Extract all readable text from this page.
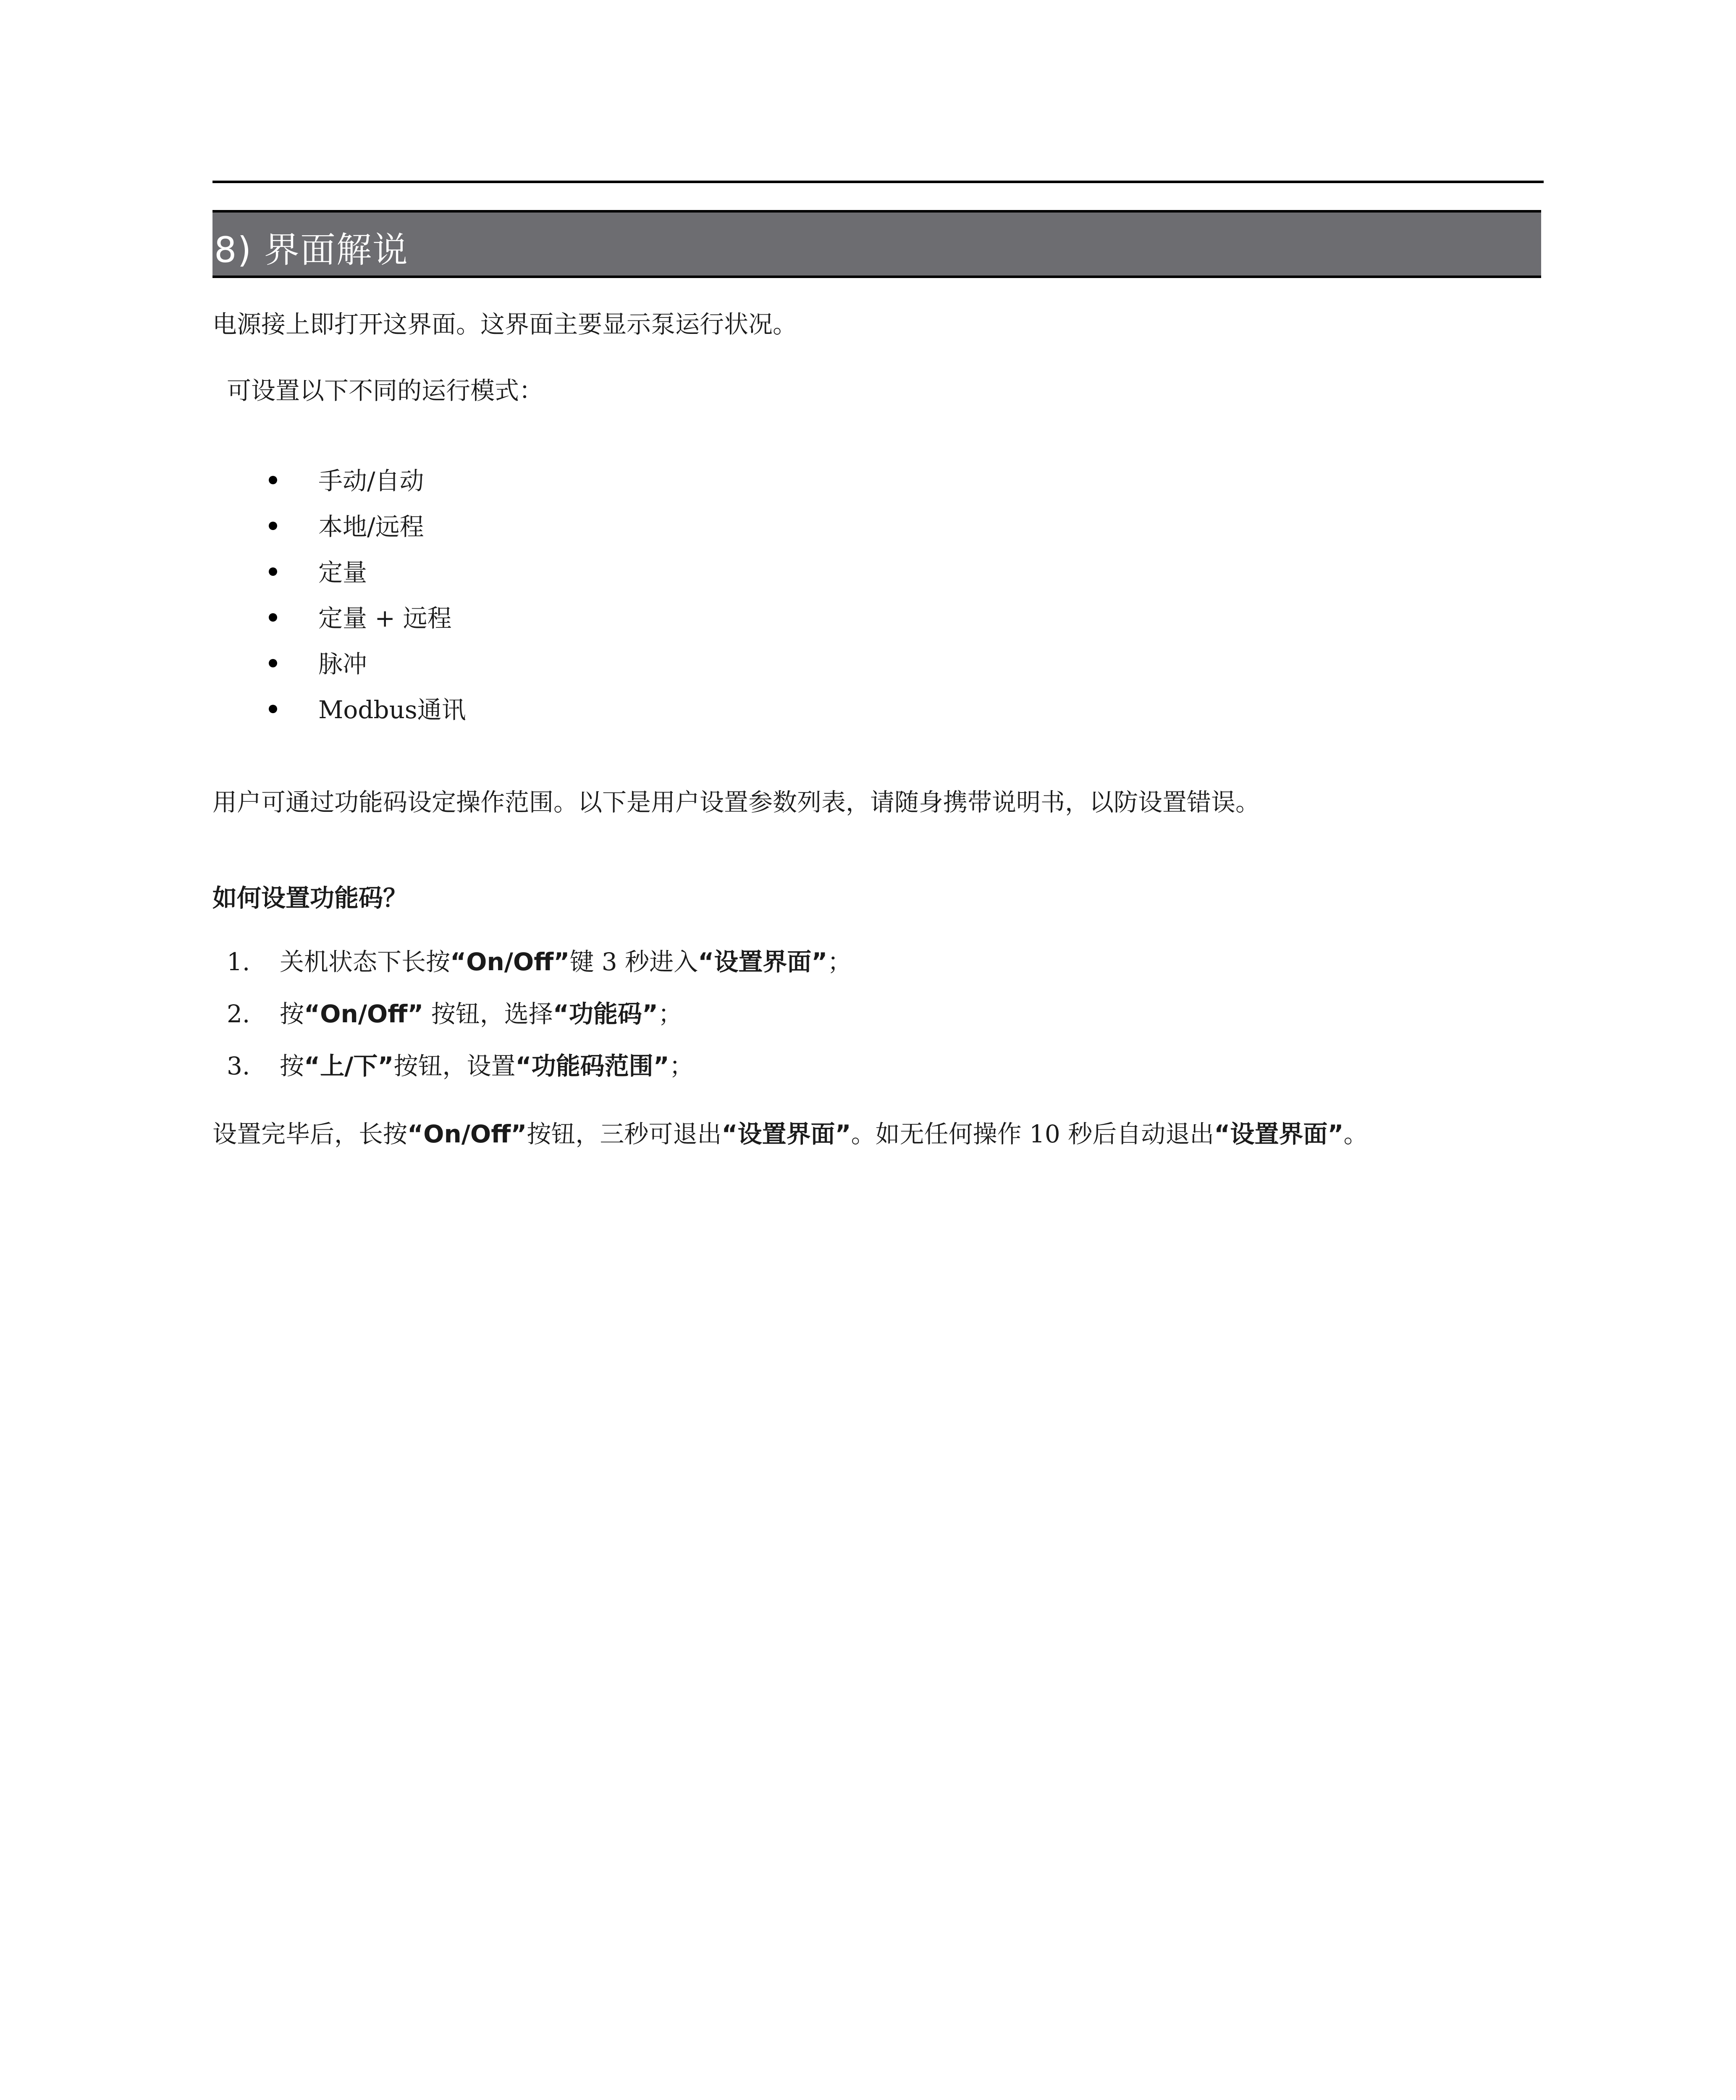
8) 界面解说
电源接上即打开这界面。这界面主要显示泵运行状况。
可设置以下不同的运行模式：
手动/自动
本地/远程
定量
定量 + 远程
脉冲
Modbus通讯
用户可通过功能码设定操作范围。以下是用户设置参数列表，请随身携带说明书，以防设置错误。
如何设置功能码？
1. 关机状态下长按“On/Off”键 3 秒进入“设置界面”；
2. 按“On/Off” 按钮，选择“功能码”；
3. 按“上/下”按钮，设置“功能码范围”；
设置完毕后，长按“On/Off”按钮，三秒可退出“设置界面”。如无任何操作 10 秒后自动退出“设置界面”。
